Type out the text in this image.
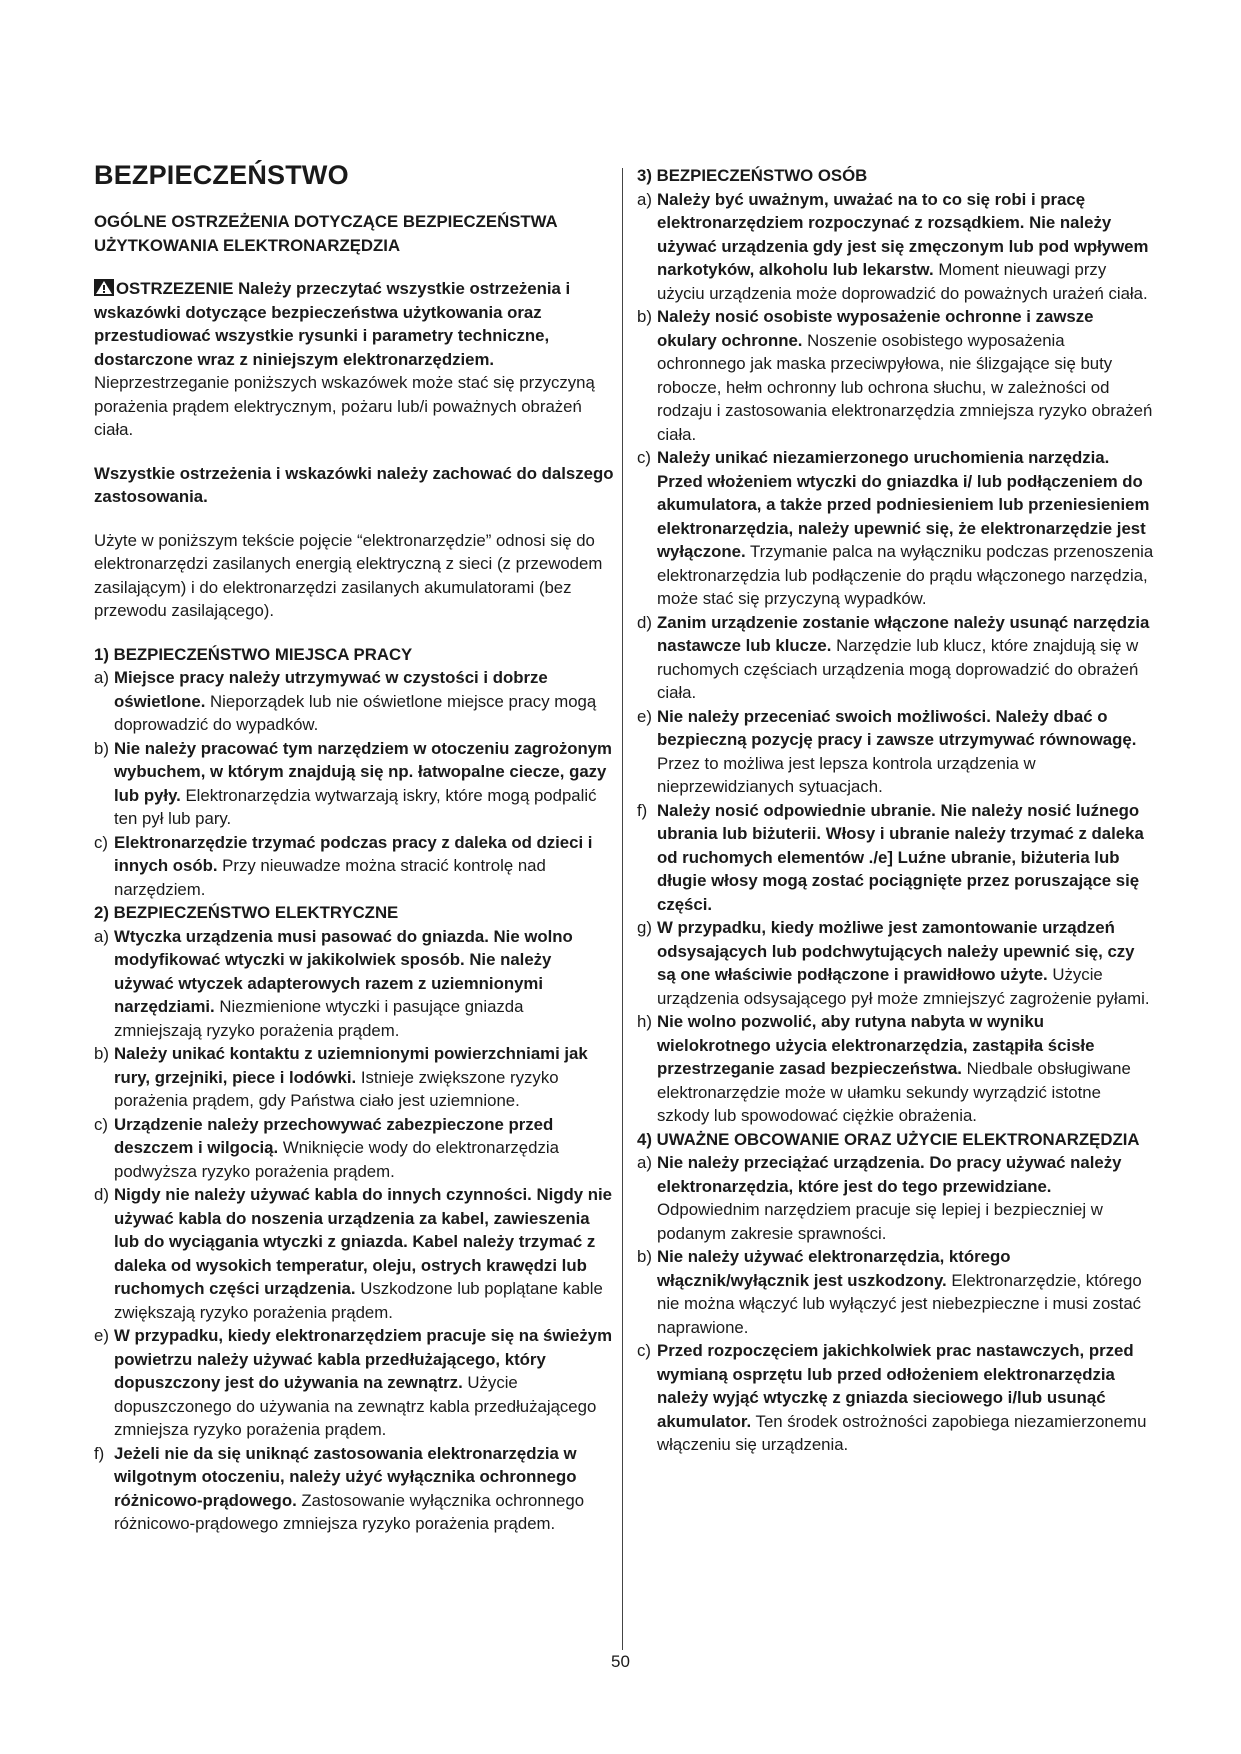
BEZPIECZEŃSTWO

OGÓLNE OSTRZEŻENIA DOTYCZĄCE BEZPIECZEŃSTWA UŻYTKOWANIA ELEKTRONARZĘDZIA

OSTRZEZENIE Należy przeczytać wszystkie ostrzeżenia i wskazówki dotyczące bezpieczeństwa użytkowania oraz przestudiować wszystkie rysunki i parametry techniczne, dostarczone wraz z niniejszym elektronarzędziem. Nieprzestrzeganie poniższych wskazówek może stać się przyczyną porażenia prądem elektrycznym, pożaru lub/i poważnych obrażeń ciała.

Wszystkie ostrzeżenia i wskazówki należy zachować do dalszego zastosowania.

Użyte w poniższym tekście pojęcie “elektronarzędzie” odnosi się do elektronarzędzi zasilanych energią elektryczną z sieci (z przewodem zasilającym) i do elektronarzędzi zasilanych akumulatorami (bez przewodu zasilającego).

1) BEZPIECZEŃSTWO MIEJSCA PRACY

a) Miejsce pracy należy utrzymywać w czystości i dobrze oświetlone. Nieporządek lub nie oświetlone miejsce pracy mogą doprowadzić do wypadków.

b) Nie należy pracować tym narzędziem w otoczeniu zagrożonym wybuchem, w którym znajdują się np. łatwopalne ciecze, gazy lub pyły. Elektronarzędzia wytwarzają iskry, które mogą podpalić ten pył lub pary.

c) Elektronarzędzie trzymać podczas pracy z daleka od dzieci i innych osób. Przy nieuwadze można stracić kontrolę nad narzędziem.

2) BEZPIECZEŃSTWO ELEKTRYCZNE

a) Wtyczka urządzenia musi pasować do gniazda. Nie wolno modyfikować wtyczki w jakikolwiek sposób. Nie należy używać wtyczek adapterowych razem z uziemnionymi narzędziami. Niezmienione wtyczki i pasujące gniazda zmniejszają ryzyko porażenia prądem.

b) Należy unikać kontaktu z uziemnionymi powierzchniami jak rury, grzejniki, piece i lodówki. Istnieje zwiększone ryzyko porażenia prądem, gdy Państwa ciało jest uziemnione.

c) Urządzenie należy przechowywać zabezpieczone przed deszczem i wilgocią. Wniknięcie wody do elektronarzędzia podwyższa ryzyko porażenia prądem.

d) Nigdy nie należy używać kabla do innych czynności. Nigdy nie używać kabla do noszenia urządzenia za kabel, zawieszenia lub do wyciągania wtyczki z gniazda. Kabel należy trzymać z daleka od wysokich temperatur, oleju, ostrych krawędzi lub ruchomych części urządzenia. Uszkodzone lub poplątane kable zwiększają ryzyko porażenia prądem.

e) W przypadku, kiedy elektronarzędziem pracuje się na świeżym powietrzu należy używać kabla przedłużającego, który dopuszczony jest do używania na zewnątrz. Użycie dopuszczonego do używania na zewnątrz kabla przedłużającego zmniejsza ryzyko porażenia prądem.

f) Jeżeli nie da się uniknąć zastosowania elektronarzędzia w wilgotnym otoczeniu, należy użyć wyłącznika ochronnego różnicowo-prądowego. Zastosowanie wyłącznika ochronnego różnicowo-prądowego zmniejsza ryzyko porażenia prądem.

3) BEZPIECZEŃSTWO OSÓB

a) Należy być uważnym, uważać na to co się robi i pracę elektronarzędziem rozpoczynać z rozsądkiem. Nie należy używać urządzenia gdy jest się zmęczonym lub pod wpływem narkotyków, alkoholu lub lekarstw. Moment nieuwagi przy użyciu urządzenia może doprowadzić do poważnych urażeń ciała.

b) Należy nosić osobiste wyposażenie ochronne i zawsze okulary ochronne. Noszenie osobistego wyposażenia ochronnego jak maska przeciwpyłowa, nie ślizgające się buty robocze, hełm ochronny lub ochrona słuchu, w zależności od rodzaju i zastosowania elektronarzędzia zmniejsza ryzyko obrażeń ciała.

c) Należy unikać niezamierzonego uruchomienia narzędzia. Przed włożeniem wtyczki do gniazdka i/ lub podłączeniem do akumulatora, a także przed podniesieniem lub przeniesieniem elektronarzędzia, należy upewnić się, że elektronarzędzie jest wyłączone. Trzymanie palca na wyłączniku podczas przenoszenia elektronarzędzia lub podłączenie do prądu włączonego narzędzia, może stać się przyczyną wypadków.

d) Zanim urządzenie zostanie włączone należy usunąć narzędzia nastawcze lub klucze. Narzędzie lub klucz, które znajdują się w ruchomych częściach urządzenia mogą doprowadzić do obrażeń ciała.

e) Nie należy przeceniać swoich możliwości. Należy dbać o bezpieczną pozycję pracy i zawsze utrzymywać równowagę. Przez to możliwa jest lepsza kontrola urządzenia w nieprzewidzianych sytuacjach.

f) Należy nosić odpowiednie ubranie. Nie należy nosić luźnego ubrania lub biżuterii. Włosy i ubranie należy trzymać z daleka od ruchomych elementów ./e] Luźne ubranie, biżuteria lub długie włosy mogą zostać pociągnięte przez poruszające się części.

g) W przypadku, kiedy możliwe jest zamontowanie urządzeń odsysających lub podchwytujących należy upewnić się, czy są one właściwie podłączone i prawidłowo użyte. Użycie urządzenia odsysającego pył może zmniejszyć zagrożenie pyłami.

h) Nie wolno pozwolić, aby rutyna nabyta w wyniku wielokrotnego użycia elektronarzędzia, zastąpiła ścisłe przestrzeganie zasad bezpieczeństwa. Niedbale obsługiwane elektronarzędzie może w ułamku sekundy wyrządzić istotne szkody lub spowodować ciężkie obrażenia.

4) UWAŻNE OBCOWANIE ORAZ UŻYCIE ELEKTRONARZĘDZIA

a) Nie należy przeciążać urządzenia. Do pracy używać należy elektronarzędzia, które jest do tego przewidziane. Odpowiednim narzędziem pracuje się lepiej i bezpieczniej w podanym zakresie sprawności.

b) Nie należy używać elektronarzędzia, którego włącznik/wyłącznik jest uszkodzony. Elektronarzędzie, którego nie można włączyć lub wyłączyć jest niebezpieczne i musi zostać naprawione.

c) Przed rozpoczęciem jakichkolwiek prac nastawczych, przed wymianą osprzętu lub przed odłożeniem elektronarzędzia należy wyjąć wtyczkę z gniazda sieciowego i/lub usunąć akumulator. Ten środek ostrożności zapobiega niezamierzonemu włączeniu się urządzenia.

50
